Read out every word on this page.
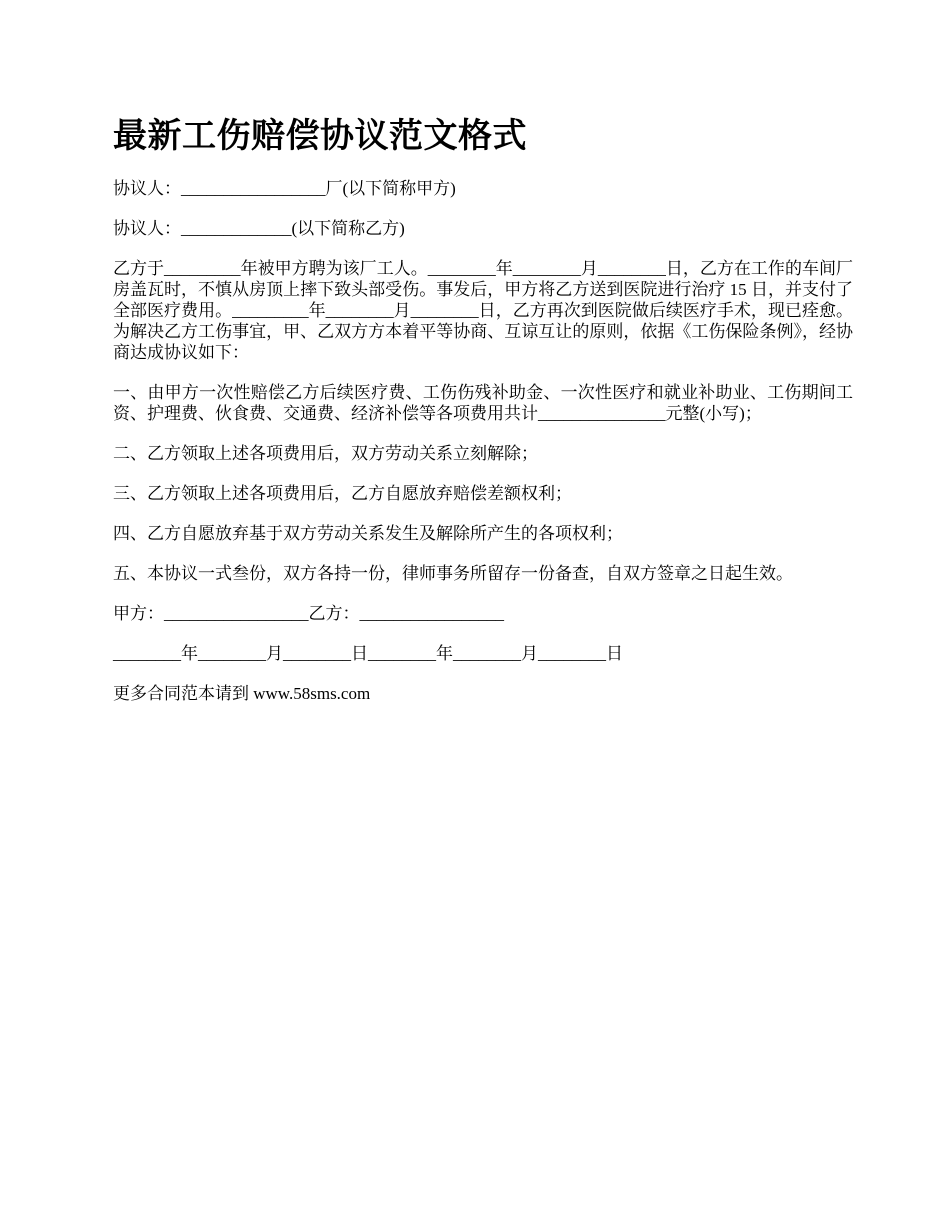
最新工伤赔偿协议范文格式
协议人：_________________厂(以下简称甲方)
协议人：_____________(以下简称乙方)
乙方于_________年被甲方聘为该厂工人。________年________月________日，乙方在工作的车间厂房盖瓦时，不慎从房顶上摔下致头部受伤。事发后，甲方将乙方送到医院进行治疗 15 日，并支付了全部医疗费用。_________年________月________日，乙方再次到医院做后续医疗手术，现已痊愈。为解决乙方工伤事宜，甲、乙双方方本着平等协商、互谅互让的原则，依据《工伤保险条例》，经协商达成协议如下：
一、由甲方一次性赔偿乙方后续医疗费、工伤伤残补助金、一次性医疗和就业补助业、工伤期间工资、护理费、伙食费、交通费、经济补偿等各项费用共计_______________元整(小写)；
二、乙方领取上述各项费用后，双方劳动关系立刻解除；
三、乙方领取上述各项费用后，乙方自愿放弃赔偿差额权利；
四、乙方自愿放弃基于双方劳动关系发生及解除所产生的各项权利；
五、本协议一式叁份，双方各持一份，律师事务所留存一份备查，自双方签章之日起生效。
甲方：_________________乙方：_________________
________年________月________日________年________月________日
更多合同范本请到 www.58sms.com
